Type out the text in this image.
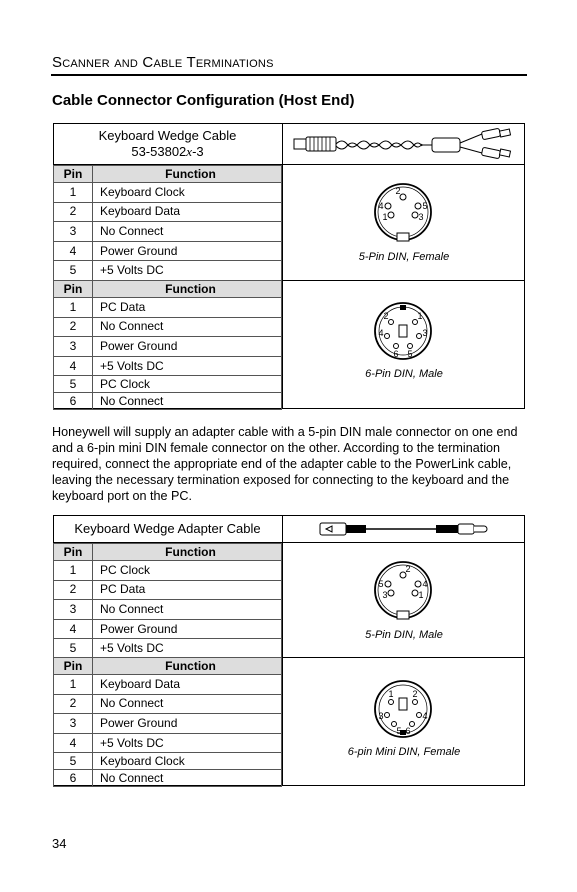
Scanner and Cable Terminations
Cable Connector Configuration (Host End)
Keyboard Wedge Cable
53-53802x-3
Pin	Function
1	Keyboard Clock
2	Keyboard Data
3	No Connect
4	Power Ground
5	+5 Volts DC
Pin	Function
1	PC Data
2	No Connect
3	Power Ground
4	+5 Volts DC
5	PC Clock
6	No Connect
4	5
2
1	3
5-Pin DIN, Female
2	1
4	3
6 5
6-Pin DIN, Male
Honeywell will supply an adapter cable with a 5-pin DIN male connector on one end and a 6-pin mini DIN female connector on the other. According to the termination required, connect the appropriate end of the adapter cable to the PowerLink cable, leaving the necessary termination exposed for connecting to the keyboard and the keyboard port on the PC.
Keyboard Wedge Adapter Cable
Pin	Function
1	PC Clock
2	PC Data
3	No Connect
4	Power Ground
5	+5 Volts DC
Pin	Function
1	Keyboard Data
2	No Connect
3	Power Ground
4	+5 Volts DC
5	Keyboard Clock
6	No Connect
5	4
2
3	1
5-Pin DIN, Male
1 2
3	4
5 6
6-pin Mini DIN, Female
34
